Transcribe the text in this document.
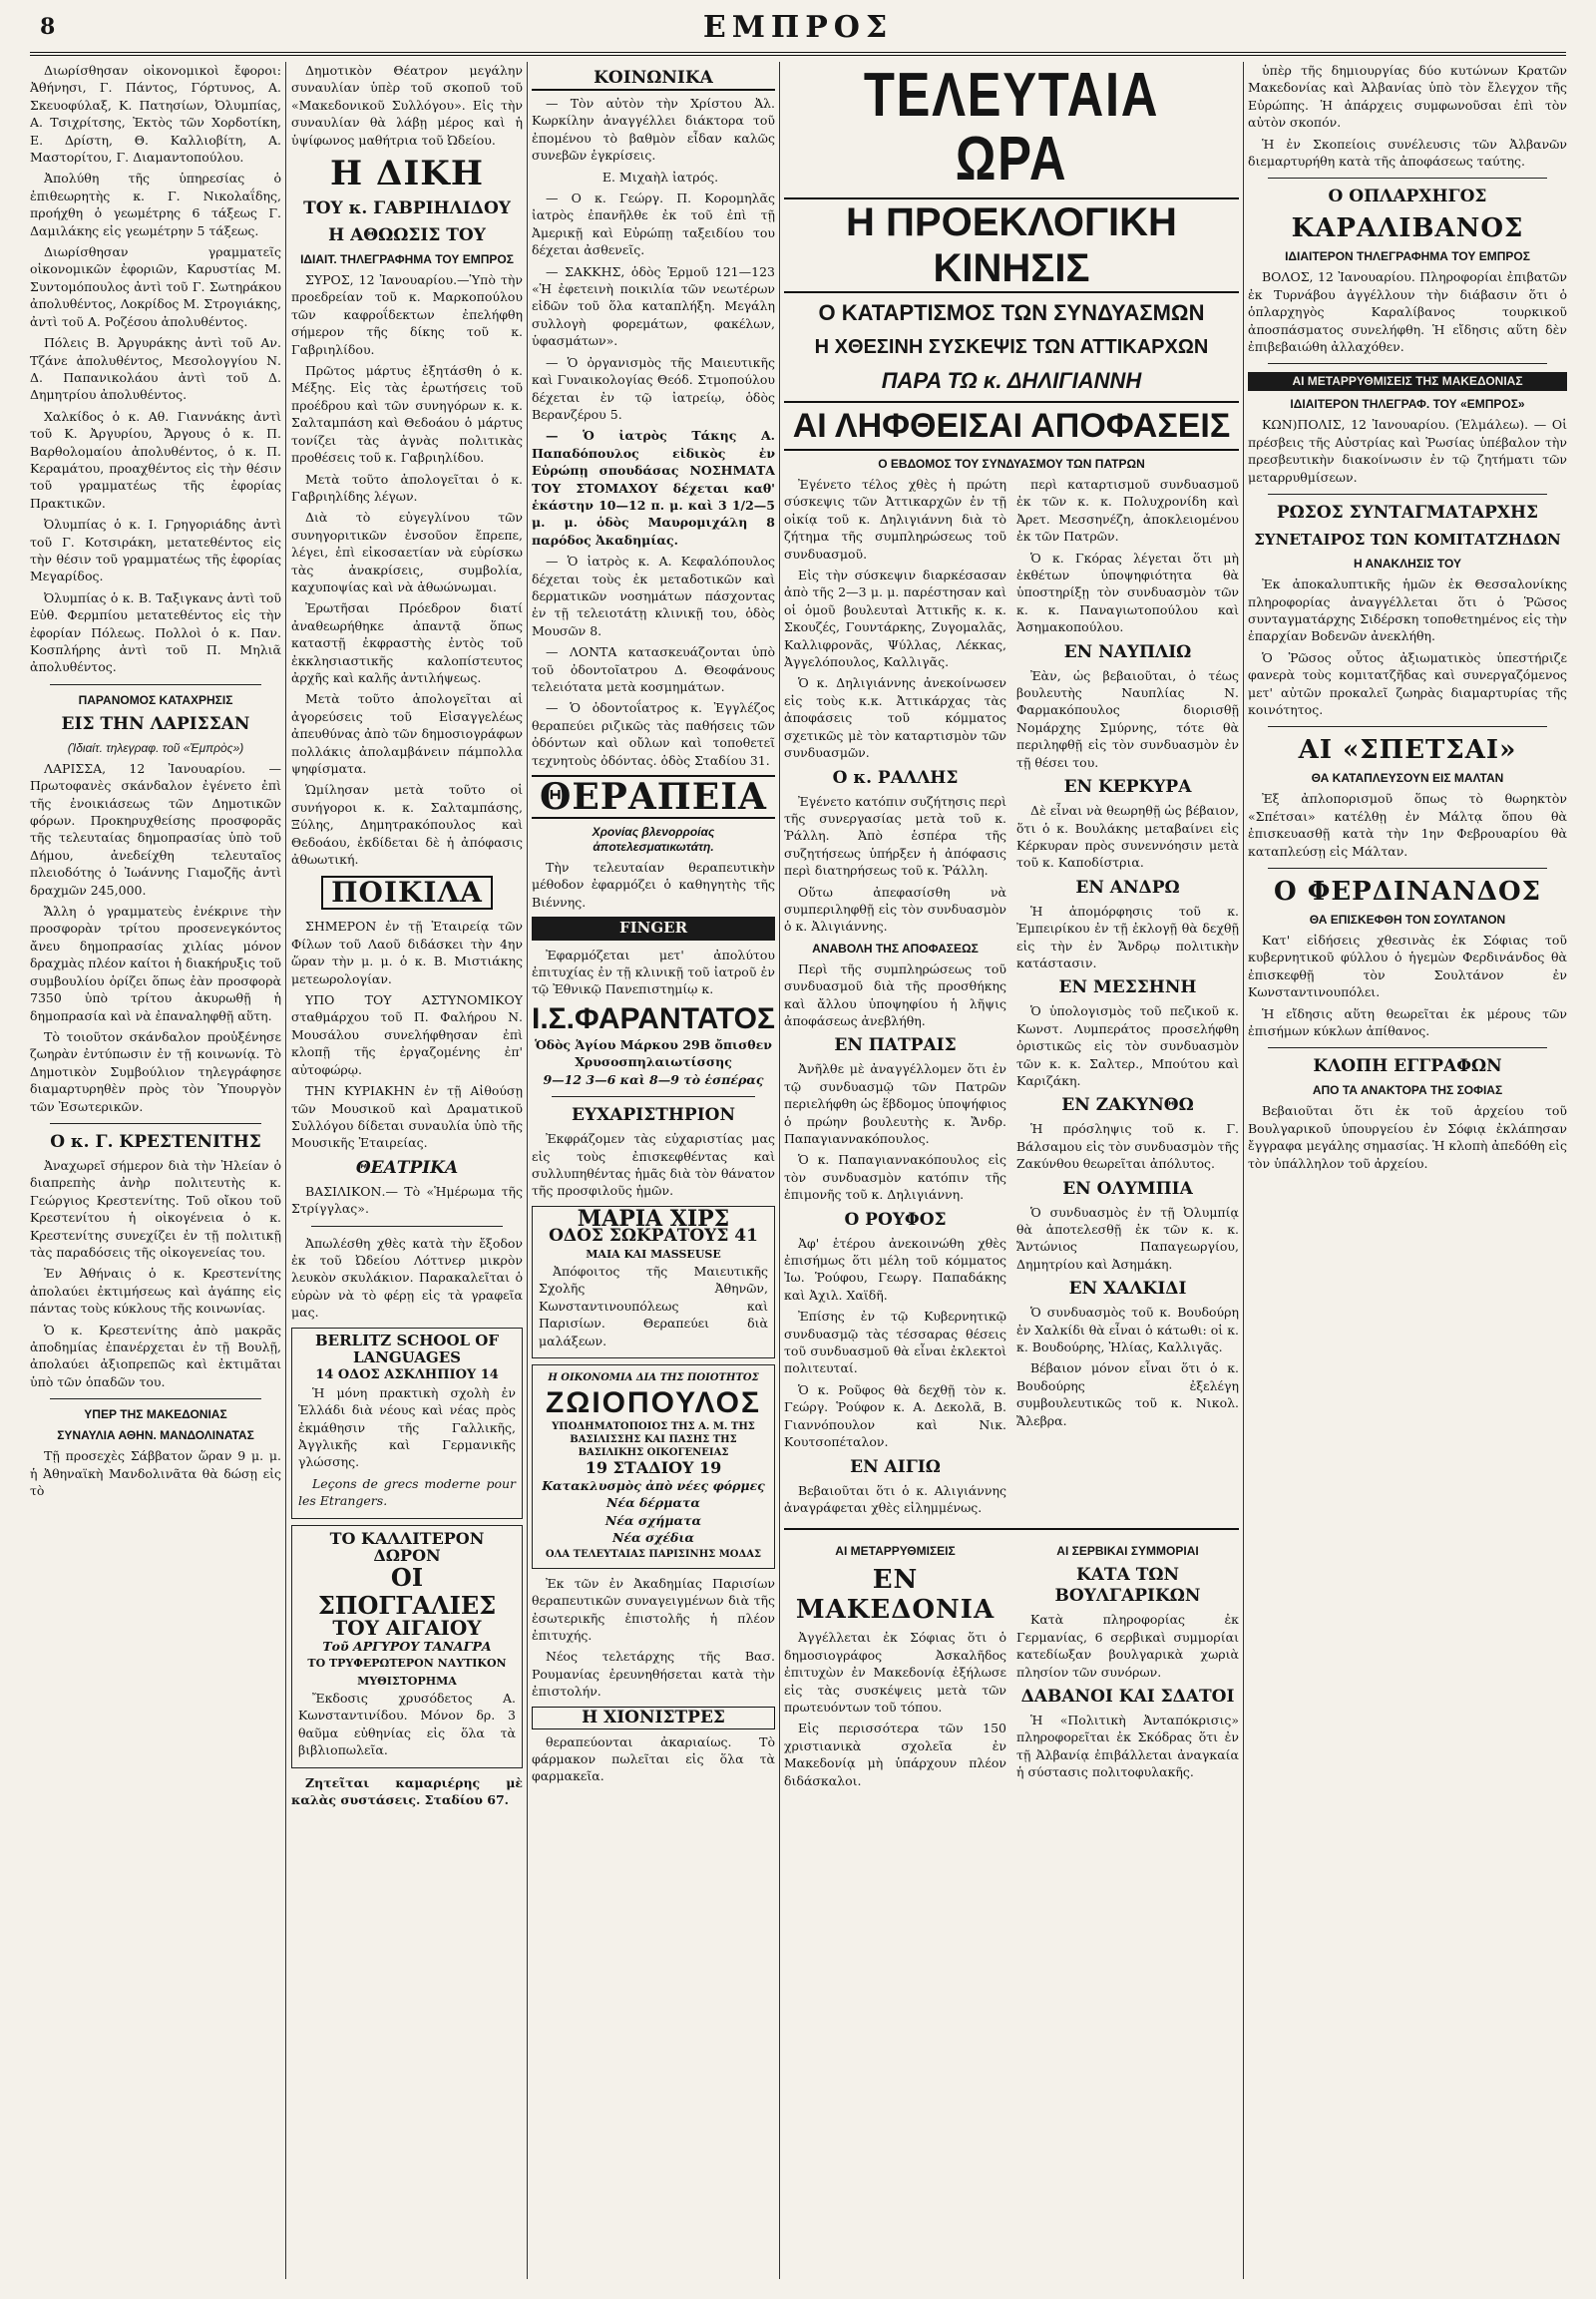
8	ΕΜΠΡΟΣ

Διωρίσθησαν οἰκονομικοὶ ἔφοροι: Ἀθήνησι, Γ. Πάντος, Γόρτυνος, Α. Σκευοφύλαξ, Κ. Πατησίων, Ὀλυμπίας, Α. Τσιχρίτσης, Ἐκτὸς τῶν Χορδοτίκη, Ε. Δρίστη, Θ. Καλλιοβίτη, Α. Μαστορίτου, Γ. Διαμαντοπούλου.

Ἀπολύθη τῆς ὑπηρεσίας ὁ ἐπιθεωρητὴς κ. Γ. Νικολαΐδης, προήχθη ὁ γεωμέτρης 6 τάξεως Γ. Δαμιλάκης εἰς γεωμέτρην 5 τάξεως.

Διωρίσθησαν γραμματεῖς οἰκονομικῶν ἐφοριῶν, Καρυστίας Μ. Συντομόπουλος ἀντὶ τοῦ Γ. Σωτηράκου ἀπολυθέντος, Λοκρίδος Μ. Στρογιάκης, ἀντὶ τοῦ Α. Ροζέσου ἀπολυθέντος.

Πόλεις Β. Ἀργυράκης ἀντὶ τοῦ Αν. Τζάνε ἀπολυθέντος, Μεσολογγίου Ν. Δ. Παπανικολάου ἀντὶ τοῦ Δ. Δημητρίου ἀπολυθέντος.

Χαλκίδος ὁ κ. Αθ. Γιαννάκης ἀντὶ τοῦ Κ. Ἀργυρίου, Ἄργους ὁ κ. Π. Βαρθολομαίου ἀπολυθέντος, ὁ κ. Π. Κεραμάτου, προαχθέντος εἰς τὴν θέσιν τοῦ γραμματέως τῆς ἐφορίας Πρακτικῶν.

Ὀλυμπίας ὁ κ. Ι. Γρηγοριάδης ἀντὶ τοῦ Γ. Κοτσιράκη, μετατεθέντος εἰς τὴν θέσιν τοῦ γραμματέως τῆς ἐφορίας Μεγαρίδος.

Ὀλυμπίας ὁ κ. Β. Ταξιγκανς ἀντὶ τοῦ Εὐθ. Φερμπίου μετατεθέντος εἰς τὴν ἐφορίαν Πόλεως. Πολλοὶ ὁ κ. Παν. Κοσπλήρης ἀντὶ τοῦ Π. Μηλιᾶ ἀπολυθέντος.

ΠΑΡΑΝΟΜΟΣ ΚΑΤΑΧΡΗΣΙΣ
ΕΙΣ ΤΗΝ ΛΑΡΙΣΣΑΝ
(Ἰδιαίτ. τηλεγραφ. τοῦ «Ἐμπρὸς»)

ΛΑΡΙΣΣΑ, 12 Ἰανουαρίου. — Πρωτοφανὲς σκάνδαλον ἐγένετο ἐπὶ τῆς ἐνοικιάσεως τῶν Δημοτικῶν φόρων. Προκηρυχθείσης προσφορᾶς τῆς τελευταίας δημοπρασίας ὑπὸ τοῦ Δήμου, ἀνεδείχθη τελευταῖος πλειοδότης ὁ Ἰωάννης Γιαμοζῆς ἀντὶ δραχμῶν 245,000.

Ἄλλη ὁ γραμματεὺς ἐνέκρινε τὴν προσφορὰν τρίτου προσενεγκόντος ἄνευ δημοπρασίας χιλίας μόνον δραχμὰς πλέον καίτοι ἡ διακήρυξις τοῦ συμβουλίου ὁρίζει ὅπως ἐὰν προσφορὰ 7350 ὑπὸ τρίτου ἀκυρωθῇ ἡ δημοπρασία καὶ νὰ ἐπαναληφθῇ αὕτη.

Τὸ τοιοῦτον σκάνδαλον προὐξένησε ζωηρὰν ἐντύπωσιν ἐν τῇ κοινωνίᾳ. Τὸ Δημοτικὸν Συμβούλιον τηλεγράφησε διαμαρτυρηθὲν πρὸς τὸν Ὑπουργὸν τῶν Ἐσωτερικῶν.

Ο κ. Γ. ΚΡΕΣΤΕΝΙΤΗΣ

Ἀναχωρεῖ σήμερον διὰ τὴν Ἠλείαν ὁ διαπρεπὴς ἀνὴρ πολιτευτὴς κ. Γεώργιος Κρεστενίτης. Τοῦ οἴκου τοῦ Κρεστενίτου ἡ οἰκογένεια ὁ κ. Κρεστενίτης συνεχίζει ἐν τῇ πολιτικῇ τὰς παραδόσεις τῆς οἰκογενείας του.

Ἐν Ἀθήναις ὁ κ. Κρεστενίτης ἀπολαύει ἐκτιμήσεως καὶ ἀγάπης εἰς πάντας τοὺς κύκλους τῆς κοινωνίας.

Ὁ κ. Κρεστενίτης ἀπὸ μακρᾶς ἀποδημίας ἐπανέρχεται ἐν τῇ Βουλῇ, ἀπολαύει ἀξιοπρεπῶς καὶ ἐκτιμᾶται ὑπὸ τῶν ὁπαδῶν του.

ΥΠΕΡ ΤΗΣ ΜΑΚΕΔΟΝΙΑΣ
ΣΥΝΑΥΛΙΑ ΑΘΗΝ. ΜΑΝΔΟΛΙΝΑΤΑΣ

Τῇ προσεχὲς Σάββατον ὥραν 9 μ. μ. ἡ Ἀθηναϊκὴ Μανδολινᾶτα θὰ δώσῃ εἰς τὸ

Δημοτικὸν Θέατρον μεγάλην συναυλίαν ὑπὲρ τοῦ σκοποῦ τοῦ «Μακεδονικοῦ Συλλόγου». Εἰς τὴν συναυλίαν θὰ λάβῃ μέρος καὶ ἡ ὑψίφωνος μαθήτρια τοῦ Ὠδείου.

Η ΔΙΚΗ
ΤΟΥ κ. ΓΑΒΡΙΗΛΙΔΟΥ
Η ΑΘΩΩΣΙΣ ΤΟΥ
ΙΔΙΑΙΤ. ΤΗΛΕΓΡΑΦΗΜΑ ΤΟΥ ΕΜΠΡΟΣ

ΣΥΡΟΣ, 12 Ἰανουαρίου.—Ὑπὸ τὴν προεδρείαν τοῦ κ. Μαρκοπούλου τῶν καφροΐδεκτων ἐπελήφθη σήμερον τῆς δίκης τοῦ κ. Γαβριηλίδου.

Πρῶτος μάρτυς ἐξητάσθη ὁ κ. Μέξης. Εἰς τὰς ἐρωτήσεις τοῦ προέδρου καὶ τῶν συνηγόρων κ. κ. Σαλταμπάση καὶ Θεδοάου ὁ μάρτυς τονίζει τὰς ἀγνὰς πολιτικὰς προθέσεις τοῦ κ. Γαβριηλίδου.

Μετὰ τοῦτο ἀπολογεῖται ὁ κ. Γαβριηλίδης λέγων.

Διὰ τὸ εὐγεγλίνου τῶν συνηγοριτικῶν ἐνσοῦον ἔπρεπε, λέγει, ἐπὶ εἰκοσαετίαν νὰ εὑρίσκω τὰς ἀνακρίσεις, συμβολία, καχυποψίας καὶ νὰ ἀθωώνωμαι.

Ἐρωτῆσαι Πρόεδρον διατί ἀναθεωρήθηκε ἀπαντᾷ ὅπως καταστῇ ἐκφραστὴς ἐντὸς τοῦ ἐκκλησιαστικῆς καλοπίστευτος ἀρχῆς καὶ καλῆς ἀντιλήψεως.

Μετὰ τοῦτο ἀπολογεῖται αἱ ἀγορεύσεις τοῦ Εἰσαγγελέως ἀπευθύνας ἀπὸ τῶν δημοσιογράφων πολλάκις ἀπολαμβάνειν πάμπολλα ψηφίσματα.

Ὡμίλησαν μετὰ τοῦτο οἱ συνήγοροι κ. κ. Σαλταμπάσης, Ξύλης, Δημητρακόπουλος καὶ Θεδοάου, ἐκδίδεται δὲ ἡ ἀπόφασις ἀθωωτική.

ΠΟΙΚΙΛΑ

ΣΗΜΕΡΟΝ ἐν τῇ Ἑταιρείᾳ τῶν Φίλων τοῦ Λαοῦ διδάσκει τὴν 4ην ὥραν τὴν μ. μ. ὁ κ. Β. Μιστιάκης μετεωρολογίαν.

ΥΠΟ ΤΟΥ ΑΣΤΥΝΟΜΙΚΟΥ σταθμάρχου τοῦ Π. Φαλήρου Ν. Μουσάλου συνελήφθησαν ἐπὶ κλοπῇ τῆς ἐργαζομένης ἐπ' αὐτοφώρῳ.

ΤΗΝ ΚΥΡΙΑΚΗΝ ἐν τῇ Αἰθούσῃ τῶν Μουσικοῦ καὶ Δραματικοῦ Συλλόγου δίδεται συναυλία ὑπὸ τῆς Μουσικῆς Ἑταιρείας.

ΘΕΑΤΡΙΚΑ

ΒΑΣΙΛΙΚΟΝ.— Τὸ «Ἡμέρωμα τῆς Στρίγγλας».

Ἀπωλέσθη χθὲς κατὰ τὴν ἔξοδον ἐκ τοῦ Ὠδείου Λόττνερ μικρὸν λευκὸν σκυλάκιον. Παρακαλεῖται ὁ εὑρὼν νὰ τὸ φέρῃ εἰς τὰ γραφεῖα μας.

BERLITZ SCHOOL OF LANGUAGES
14 ΟΔΟΣ ΑΣΚΛΗΠΙΟΥ 14

Ἡ μόνη πρακτικὴ σχολὴ ἐν Ἑλλάδι διὰ νέους καὶ νέας πρὸς ἐκμάθησιν τῆς Γαλλικῆς, Ἀγγλικῆς καὶ Γερμανικῆς γλώσσης.

Leçons de grecs moderne pour les Etrangers.

ΤΟ ΚΑΛΛΙΤΕΡΟΝ ΔΩΡΟΝ
ΟΙ ΣΠΟΓΓΑΛΙΕΣ
ΤΟΥ ΑΙΓΑΙΟΥ
Τοῦ ΑΡΓΥΡΟΥ ΤΑΝΑΓΡΑ
ΤΟ ΤΡΥΦΕΡΩΤΕΡΟΝ ΝΑΥΤΙΚΟΝ ΜΥΘΙΣΤΟΡΗΜΑ

Ἔκδοσις χρυσόδετος Α. Κωνσταντινίδου. Μόνον δρ. 3 θαῦμα εὐθηνίας εἰς ὅλα τὰ βιβλιοπωλεῖα.

Ζητεῖται καμαριέρης μὲ καλὰς συστάσεις. Σταδίου 67.

ΚΟΙΝΩΝΙΚΑ

— Τὸν αὐτὸν τὴν Χρίστου Ἀλ. Κωρκίλην ἀναγγέλλει διάκτορα τοῦ ἐπομένου τὸ βαθμὸν εἶδαν καλῶς συνεβῶν ἐγκρίσεις.

Ε. Μιχαὴλ ἰατρός.

— Ο κ. Γεώργ. Π. Κορομηλᾶς ἰατρὸς ἐπανῆλθε ἐκ τοῦ ἐπὶ τῇ Ἀμερικῇ καὶ Εὐρώπῃ ταξειδίου του δέχεται ἀσθενεῖς.

— ΣΑΚΚΗΣ, ὁδὸς Ἑρμοῦ 121—123 «Ἡ ἐφετεινὴ ποικιλία τῶν νεωτέρων εἰδῶν τοῦ ὅλα καταπλήξη. Μεγάλη συλλογὴ φορεμάτων, φακέλων, ὑφασμάτων».

— Ὁ ὀργανισμὸς τῆς Μαιευτικῆς καὶ Γυναικολογίας Θεόδ. Στμοπούλου δέχεται ἐν τῷ ἰατρείῳ, ὁδὸς Βερανζέρου 5.

— Ὁ ἰατρὸς Τάκης Α. Παπαδόπουλος εἰδικὸς ἐν Εὐρώπῃ σπουδάσας ΝΟΣΗΜΑΤΑ ΤΟΥ ΣΤΟΜΑΧΟΥ δέχεται καθ' ἑκάστην 10—12 π. μ. καὶ 3 1/2—5 μ. μ. ὁδὸς Μαυρομιχάλη 8 παρόδος Ἀκαδημίας.

— Ὁ ἰατρὸς κ. Α. Κεφαλόπουλος δέχεται τοὺς ἐκ μεταδοτικῶν καὶ δερματικῶν νοσημάτων πάσχοντας ἐν τῇ τελειοτάτῃ κλινικῇ του, ὁδὸς Μουσῶν 8.

— ΛΟΝΤΑ κατασκευάζονται ὑπὸ τοῦ ὀδοντοῖατρου Δ. Θεοφάνους τελειότατα μετὰ κοσμημάτων.

— Ὁ ὀδοντοΐατρος κ. Ἐγγλέζος θεραπεύει ριζικῶς τὰς παθήσεις τῶν ὀδόντων καὶ οὔλων καὶ τοποθετεῖ τεχνητοὺς ὀδόντας. ὁδὸς Σταδίου 31.

ΘΕΡΑΠΕΙΑ
Χρονίας βλενορροίας ἀποτελεσματικωτάτη.

Τὴν τελευταίαν θεραπευτικὴν μέθοδον ἐφαρμόζει ὁ καθηγητὴς τῆς Βιέννης.

FINGER

Ἐφαρμόζεται μετ' ἀπολύτου ἐπιτυχίας ἐν τῇ κλινικῇ τοῦ ἰατροῦ ἐν τῷ Ἐθνικῷ Πανεπιστημίῳ κ.

Ι.Σ.ΦΑΡΑΝΤΑΤΟΣ
Ὁδὸς Ἁγίου Μάρκου 29Β ὄπισθεν Χρυσοσπηλαιωτίσσης
9—12 3—6 καὶ 8—9 τὸ ἑσπέρας
ΕΥΧΑΡΙΣΤΗΡΙΟΝ

Ἐκφράζομεν τὰς εὐχαριστίας μας εἰς τοὺς ἐπισκεφθέντας καὶ συλλυπηθέντας ἡμᾶς διὰ τὸν θάνατον τῆς προσφιλοῦς ἡμῶν.

ΜΑΡΙΑ ΧΙΡΣ
ΟΔΟΣ ΣΩΚΡΑΤΟΥΣ 41
MAIA KAI MASSEUSE

Ἀπόφοιτος τῆς Μαιευτικῆς Σχολῆς Ἀθηνῶν, Κωνσταντινουπόλεως καὶ Παρισίων. Θεραπεύει διὰ μαλάξεων.

Η ΟΙΚΟΝΟΜΙΑ ΔΙΑ ΤΗΣ ΠΟΙΟΤΗΤΟΣ
ΖΩΙΟΠΟΥΛΟΣ
ΥΠΟΔΗΜΑΤΟΠΟΙΟΣ ΤΗΣ Α. Μ. ΤΗΣ ΒΑΣΙΛΙΣΣΗΣ ΚΑΙ ΠΑΣΗΣ ΤΗΣ ΒΑΣΙΛΙΚΗΣ ΟΙΚΟΓΕΝΕΙΑΣ
19 ΣΤΑΔΙΟΥ 19
Κατακλυσμὸς ἀπὸ νέες φόρμες
Νέα δέρματα
Νέα σχήματα
Νέα σχέδια
ΟΛΑ ΤΕΛΕΥΤΑΙΑΣ ΠΑΡΙΣΙΝΗΣ ΜΟΔΑΣ

Ἐκ τῶν ἐν Ἀκαδημίας Παρισίων θεραπευτικῶν συναγειγμένων διὰ τῆς ἐσωτερικῆς ἐπιστολῆς ἡ πλέον ἐπιτυχής.

Νέος τελετάρχης τῆς Βασ. Ρουμανίας ἐρευνηθήσεται κατὰ τὴν ἐπιστολήν.

Η ΧΙΟΝΙΣΤΡΕΣ

θεραπεύονται ἀκαριαίως. Τὸ φάρμακον πωλεῖται εἰς ὅλα τὰ φαρμακεῖα.

ΤΕΛΕΥΤΑΙΑ ΩΡΑ
Η ΠΡΟΕΚΛΟΓΙΚΗ ΚΙΝΗΣΙΣ
Ο ΚΑΤΑΡΤΙΣΜΟΣ ΤΩΝ ΣΥΝΔΥΑΣΜΩΝ
Η ΧΘΕΣΙΝΗ ΣΥΣΚΕΨΙΣ ΤΩΝ ΑΤΤΙΚΑΡΧΩΝ
ΠΑΡΑ ΤΩ κ. ΔΗΛΙΓΙΑΝΝΗ
ΑΙ ΛΗΦΘΕΙΣΑΙ ΑΠΟΦΑΣΕΙΣ
Ο ΕΒΔΟΜΟΣ ΤΟΥ ΣΥΝΔΥΑΣΜΟΥ ΤΩΝ ΠΑΤΡΩΝ

Ἐγένετο τέλος χθὲς ἡ πρώτη σύσκεψις τῶν Ἀττικαρχῶν ἐν τῇ οἰκίᾳ τοῦ κ. Δηλιγιάννη διὰ τὸ ζήτημα τῆς συμπληρώσεως τοῦ συνδυασμοῦ.

Εἰς τὴν σύσκεψιν διαρκέσασαν ἀπὸ τῆς 2—3 μ. μ. παρέστησαν καὶ οἱ ὁμοῦ βουλευταὶ Ἀττικῆς κ. κ. Σκουζές, Γουντάρκης, Ζυγομαλᾶς, Καλλιφρονᾶς, Ψύλλας, Λέκκας, Ἀγγελόπουλος, Καλλιγᾶς.

Ὁ κ. Δηλιγιάννης ἀνεκοίνωσεν εἰς τοὺς κ.κ. Ἀττικάρχας τὰς ἀποφάσεις τοῦ κόμματος σχετικῶς μὲ τὸν καταρτισμὸν τῶν συνδυασμῶν.

Ο κ. ΡΑΛΛΗΣ

Ἐγένετο κατόπιν συζήτησις περὶ τῆς συνεργασίας μετὰ τοῦ κ. Ῥάλλη. Ἀπὸ ἑσπέρα τῆς συζητήσεως ὑπήρξεν ἡ ἀπόφασις περὶ διατηρήσεως τοῦ κ. Ῥάλλη.

Οὕτω ἀπεφασίσθη νὰ συμπεριληφθῇ εἰς τὸν συνδυασμὸν ὁ κ. Ἀλιγιάννης.

ΑΝΑΒΟΛΗ ΤΗΣ ΑΠΟΦΑΣΕΩΣ

Περὶ τῆς συμπληρώσεως τοῦ συνδυασμοῦ διὰ τῆς προσθήκης καὶ ἄλλου ὑποψηφίου ἡ λῆψις ἀποφάσεως ἀνεβλήθη.

ΕΝ ΠΑΤΡΑΙΣ

Ἀνῆλθε μὲ ἀναγγέλλομεν ὅτι ἐν τῷ συνδυασμῷ τῶν Πατρῶν περιελήφθη ὡς ἕβδομος ὑποψήφιος ὁ πρώην βουλευτὴς κ. Ἄνδρ. Παπαγιαννακόπουλος.

Ὁ κ. Παπαγιαννακόπουλος εἰς τὸν συνδυασμὸν κατόπιν τῆς ἐπιμονῆς τοῦ κ. Δηλιγιάννη.

Ο ΡΟΥΦΟΣ

Ἀφ' ἑτέρου ἀνεκοινώθη χθὲς ἐπισήμως ὅτι μέλη τοῦ κόμματος Ἰω. Ῥούφου, Γεωργ. Παπαδάκης καὶ Ἀχιλ. Χαϊδῆ.

Ἐπίσης ἐν τῷ Κυβερνητικῷ συνδυασμῷ τὰς τέσσαρας θέσεις τοῦ συνδυασμοῦ θὰ εἶναι ἐκλεκτοὶ πολιτευταί.

Ὁ κ. Ροῦφος θὰ δεχθῇ τὸν κ. Γεώργ. Ῥούφον κ. Α. Δεκολᾶ, Β. Γιαννόπουλον καὶ Νικ. Κουτσοπέταλον.

ΕΝ ΑΙΓΙΩ

Βεβαιοῦται ὅτι ὁ κ. Αλιγιάννης ἀναγράφεται χθὲς εἰλημμένως.

περὶ καταρτισμοῦ συνδυασμοῦ ἐκ τῶν κ. κ. Πολυχρονίδη καὶ Ἀρετ. Μεσσηνέζη, ἀποκλειομένου ἐκ τῶν Πατρῶν.

Ὁ κ. Γκόρας λέγεται ὅτι μὴ ἐκθέτων ὑποψηφιότητα θὰ ὑποστηρίξῃ τὸν συνδυασμὸν τῶν κ. κ. Παναγιωτοπούλου καὶ Ἀσημακοπούλου.

ΕΝ ΝΑΥΠΛΙΩ

Ἐὰν, ὡς βεβαιοῦται, ὁ τέως βουλευτὴς Ναυπλίας Ν. Φαρμακόπουλος διορισθῇ Νομάρχης Σμύρνης, τότε θὰ περιληφθῇ εἰς τὸν συνδυασμὸν ἐν τῇ θέσει του.

ΕΝ ΚΕΡΚΥΡΑ

Δὲ εἶναι νὰ θεωρηθῇ ὡς βέβαιον, ὅτι ὁ κ. Βουλάκης μεταβαίνει εἰς Κέρκυραν πρὸς συνεννόησιν μετὰ τοῦ κ. Καποδίστρια.

ΕΝ ΑΝΔΡΩ

Ἡ ἀπομόρφησις τοῦ κ. Ἐμπειρίκου ἐν τῇ ἐκλογῇ θὰ δεχθῇ εἰς τὴν ἐν Ἄνδρῳ πολιτικὴν κατάστασιν.

ΕΝ ΜΕΣΣΗΝΗ

Ὁ ὑπολογισμὸς τοῦ πεζικοῦ κ. Κωνστ. Λυμπεράτος προσελήφθη ὀριστικῶς εἰς τὸν συνδυασμὸν τῶν κ. κ. Σαλτερ., Μπούτου καὶ Καριζάκη.

ΕΝ ΖΑΚΥΝΘΩ

Ἡ πρόσληψις τοῦ κ. Γ. Βάλσαμου εἰς τὸν συνδυασμὸν τῆς Ζακύνθου θεωρεῖται ἀπόλυτος.

ΕΝ ΟΛΥΜΠΙΑ

Ὁ συνδυασμὸς ἐν τῇ Ὀλυμπίᾳ θὰ ἀποτελεσθῇ ἐκ τῶν κ. κ. Ἄντώνιος Παπαγεωργίου, Δημητρίου καὶ Ἀσημάκη.

ΕΝ ΧΑΛΚΙΔΙ

Ὁ συνδυασμὸς τοῦ κ. Βουδούρη ἐν Χαλκίδι θὰ εἶναι ὁ κάτωθι: οἱ κ. κ. Βουδούρης, Ἠλίας, Καλλιγᾶς.

Βέβαιον μόνον εἶναι ὅτι ὁ κ. Βουδούρης ἐξελέγη συμβουλευτικῶς τοῦ κ. Νικολ. Ἄλεβρα.

ΑΙ ΜΕΤΑΡΡΥΘΜΙΣΕΙΣ
ΕΝ ΜΑΚΕΔΟΝΙΑ

Ἀγγέλλεται ἐκ Σόφιας ὅτι ὁ δημοσιογράφος Ἀσκαλῆδος ἐπιτυχὼν ἐν Μακεδονίᾳ ἐξήλωσε εἰς τὰς συσκέψεις μετὰ τῶν πρωτευόντων τοῦ τόπου.

Εἰς περισσότερα τῶν 150 χριστιανικὰ σχολεῖα ἐν Μακεδονίᾳ μὴ ὑπάρχουν πλέον διδάσκαλοι.

ΑΙ ΣΕΡΒΙΚΑΙ ΣΥΜΜΟΡΙΑΙ
ΚΑΤΑ ΤΩΝ ΒΟΥΛΓΑΡΙΚΩΝ

Κατὰ πληροφορίας ἐκ Γερμανίας, 6 σερβικαὶ συμμορίαι κατεδίωξαν βουλγαρικὰ χωριὰ πλησίον τῶν συνόρων.

ΔΑΒΑΝΟΙ ΚΑΙ ΣΔΑΤΟΙ

Ἡ «Πολιτικὴ Ἀνταπόκρισις» πληροφορεῖται ἐκ Σκόδρας ὅτι ἐν τῇ Ἀλβανίᾳ ἐπιβάλλεται ἀναγκαία ἡ σύστασις πολιτοφυλακῆς.

ὑπὲρ τῆς δημιουργίας δύο κυτώνων Κρατῶν Μακεδονίας καὶ Ἀλβανίας ὑπὸ τὸν ἔλεγχον τῆς Εὐρώπης. Ἡ ἀπάρχεις συμφωνοῦσαι ἐπὶ τὸν αὐτὸν σκοπόν.

Ἡ ἐν Σκοπείοις συνέλευσις τῶν Ἀλβανῶν διεμαρτυρήθη κατὰ τῆς ἀποφάσεως ταύτης.

Ο ΟΠΛΑΡΧΗΓΟΣ
ΚΑΡΑΛΙΒΑΝΟΣ
ΙΔΙΑΙΤΕΡΟΝ ΤΗΛΕΓΡΑΦΗΜΑ ΤΟΥ ΕΜΠΡΟΣ

ΒΟΛΟΣ, 12 Ἰανουαρίου. Πληροφορίαι ἐπιβατῶν ἐκ Τυρνάβου ἀγγέλλουν τὴν διάβασιν ὅτι ὁ ὁπλαρχηγὸς Καραλίβανος τουρκικοῦ ἀποσπάσματος συνελήφθη. Ἡ εἴδησις αὕτη δὲν ἐπιβεβαιώθη ἀλλαχόθεν.

ΑΙ ΜΕΤΑΡΡΥΘΜΙΣΕΙΣ ΤΗΣ ΜΑΚΕΔΟΝΙΑΣ
ΙΔΙΑΙΤΕΡΟΝ ΤΗΛΕΓΡΑΦ. ΤΟΥ «ΕΜΠΡΟΣ»

ΚΩΝ)ΠΟΛΙΣ, 12 Ἰανουαρίου. (Ἑλμάλεω). — Οἱ πρέσβεις τῆς Αὐστρίας καὶ Ῥωσίας ὑπέβαλον τὴν πρεσβευτικὴν διακοίνωσιν ἐν τῷ ζητήματι τῶν μεταρρυθμίσεων.

ΡΩΣΟΣ ΣΥΝΤΑΓΜΑΤΑΡΧΗΣ
ΣΥΝΕΤΑΙΡΟΣ ΤΩΝ ΚΟΜΙΤΑΤΖΗΔΩΝ
Η ΑΝΑΚΛΗΣΙΣ ΤΟΥ

Ἐκ ἀποκαλυπτικῆς ἡμῶν ἐκ Θεσσαλονίκης πληροφορίας ἀναγγέλλεται ὅτι ὁ Ῥῶσος συνταγματάρχης Σιδέρσκη τοποθετημένος εἰς τὴν ἐπαρχίαν Βοδενῶν ἀνεκλήθη.

Ὁ Ῥῶσος οὗτος ἀξιωματικὸς ὑπεστήριζε φανερὰ τοὺς κομιτατζῆδας καὶ συνεργαζόμενος μετ' αὐτῶν προκαλεῖ ζωηρὰς διαμαρτυρίας τῆς κοινότητος.

ΑΙ «ΣΠΕΤΣΑΙ»
ΘΑ ΚΑΤΑΠΛΕΥΣΟΥΝ ΕΙΣ ΜΑΛΤΑΝ

Ἐξ ἀπλοπορισμοῦ ὅπως τὸ θωρηκτὸν «Σπέτσαι» κατέλθῃ ἐν Μάλτᾳ ὅπου θὰ ἐπισκευασθῇ κατὰ τὴν 1ην Φεβρουαρίου θὰ καταπλεύσῃ εἰς Μάλταν.

Ο ΦΕΡΔΙΝΑΝΔΟΣ
ΘΑ ΕΠΙΣΚΕΦΘΗ ΤΟΝ ΣΟΥΛΤΑΝΟΝ

Κατ' εἰδήσεις χθεσινὰς ἐκ Σόφιας τοῦ κυβερνητικοῦ φύλλου ὁ ἡγεμὼν Φερδινάνδος θὰ ἐπισκεφθῇ τὸν Σουλτάνον ἐν Κωνσταντινουπόλει.

Ἡ εἴδησις αὕτη θεωρεῖται ἐκ μέρους τῶν ἐπισήμων κύκλων ἀπίθανος.

ΚΛΟΠΗ ΕΓΓΡΑΦΩΝ
ΑΠΟ ΤΑ ΑΝΑΚΤΟΡΑ ΤΗΣ ΣΟΦΙΑΣ

Βεβαιοῦται ὅτι ἐκ τοῦ ἀρχείου τοῦ Βουλγαρικοῦ ὑπουργείου ἐν Σόφιᾳ ἐκλάπησαν ἔγγραφα μεγάλης σημασίας. Ἡ κλοπὴ ἀπεδόθη εἰς τὸν ὑπάλληλον τοῦ ἀρχείου.
